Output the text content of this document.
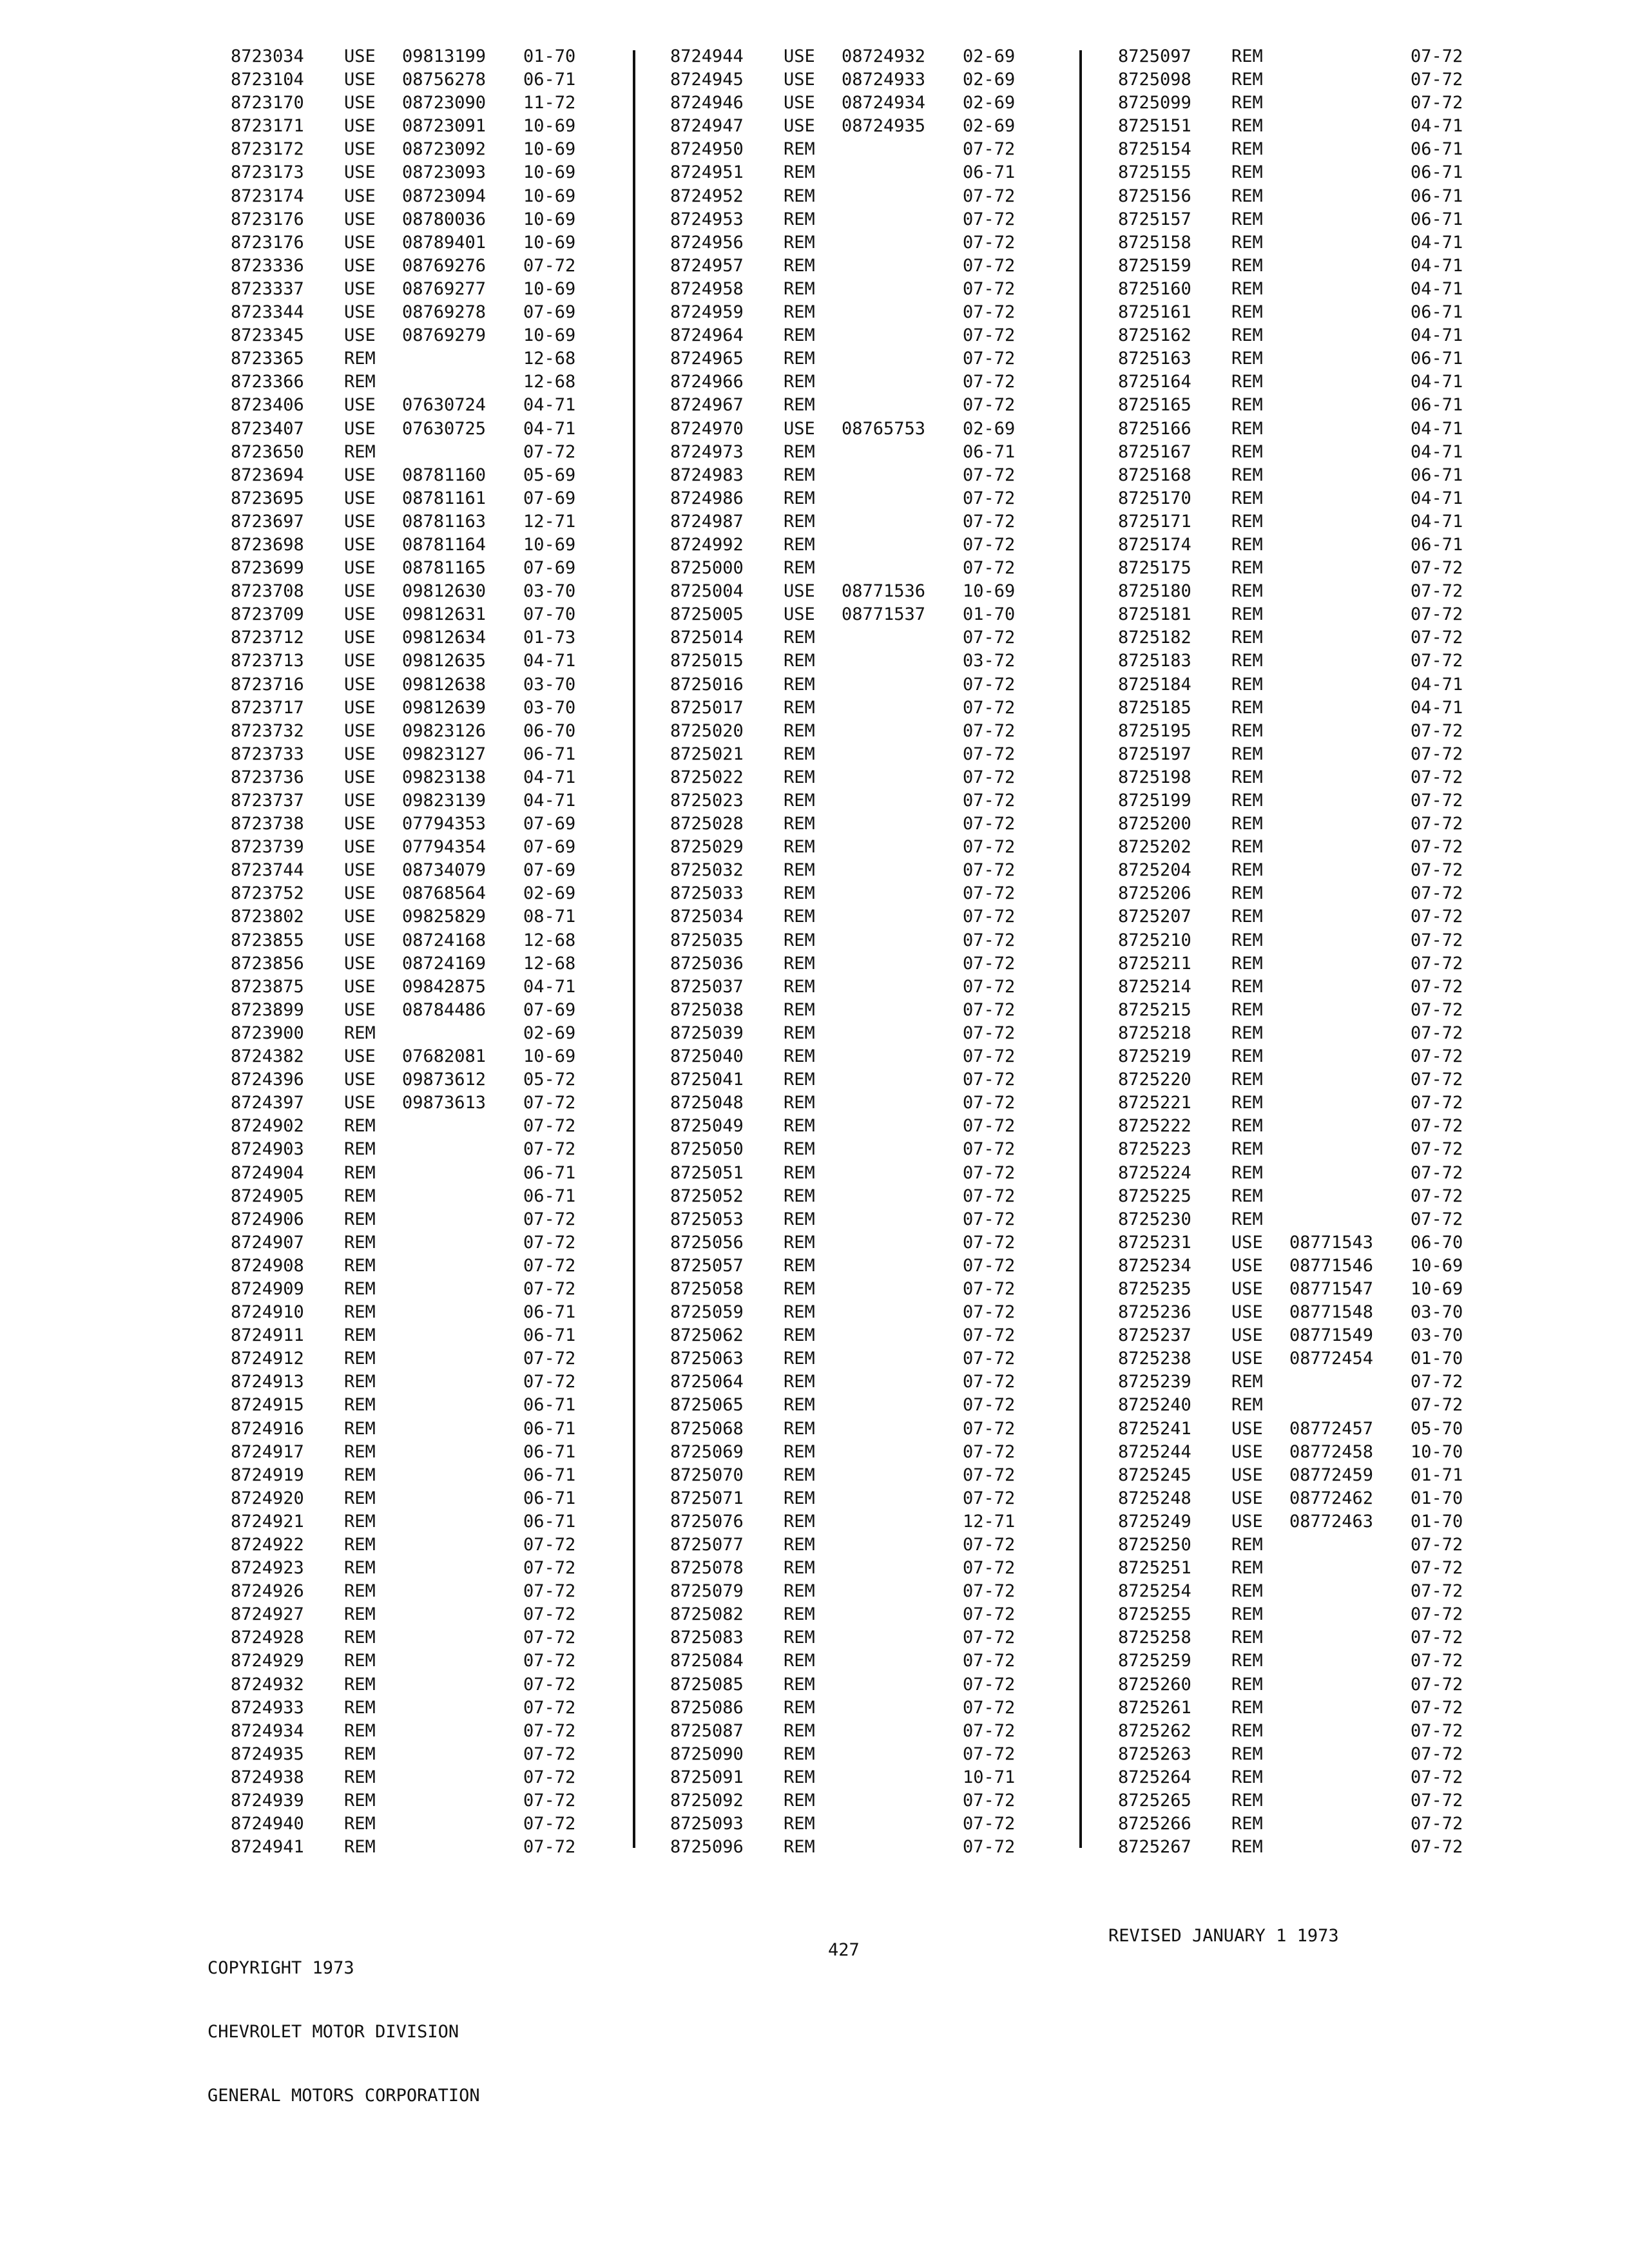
8723034 USE 09813199 01-70
8723104 USE 08756278 06-71
8723170 USE 08723090 11-72
8723171 USE 08723091 10-69
8723172 USE 08723092 10-69
8723173 USE 08723093 10-69
8723174 USE 08723094 10-69
8723176 USE 08780036 10-69
8723176 USE 08789401 10-69
8723336 USE 08769276 07-72
8723337 USE 08769277 10-69
8723344 USE 08769278 07-69
8723345 USE 08769279 10-69
8723365 REM	12-68
8723366 REM	12-68
8723406 USE 07630724 04-71
8723407 USE 07630725 04-71
8723650 REM	07-72
8723694 USE 08781160 05-69
8723695 USE 08781161 07-69
8723697 USE 08781163 12-71
8723698 USE 08781164 10-69
8723699 USE 08781165 07-69
8723708 USE 09812630 03-70
8723709 USE 09812631 07-70
8723712 USE 09812634 01-73
8723713 USE 09812635 04-71
8723716 USE 09812638 03-70
8723717 USE 09812639 03-70
8723732 USE 09823126 06-70
8723733 USE 09823127 06-71
8723736 USE 09823138 04-71
8723737 USE 09823139 04-71
8723738 USE 07794353 07-69
8723739 USE 07794354 07-69
8723744 USE 08734079 07-69
8723752 USE 08768564 02-69
8723802 USE 09825829 08-71
8723855 USE 08724168 12-68
8723856 USE 08724169 12-68
8723875 USE 09842875 04-71
8723899 USE 08784486 07-69
8723900 REM	02-69
8724382 USE 07682081 10-69
8724396 USE 09873612 05-72
8724397 USE 09873613 07-72
8724902 REM	07-72
8724903 REM	07-72
8724904 REM	06-71
8724905 REM	06-71
8724906 REM	07-72
8724907 REM	07-72
8724908 REM	07-72
8724909 REM	07-72
8724910 REM	06-71
8724911 REM	06-71
8724912 REM	07-72
8724913 REM	07-72
8724915 REM	06-71
8724916 REM	06-71
8724917 REM	06-71
8724919 REM	06-71
8724920 REM	06-71
8724921 REM	06-71
8724922 REM	07-72
8724923 REM	07-72
8724926 REM	07-72
8724927 REM	07-72
8724928 REM	07-72
8724929 REM	07-72
8724932 REM	07-72
8724933 REM	07-72
8724934 REM	07-72
8724935 REM	07-72
8724938 REM	07-72
8724939 REM	07-72
8724940 REM	07-72
8724941 REM	07-72
8724944 USE 08724932 02-69
8724945 USE 08724933 02-69
8724946 USE 08724934 02-69
8724947 USE 08724935 02-69
8724950 REM	07-72
8724951 REM	06-71
8724952 REM	07-72
8724953 REM	07-72
8724956 REM	07-72
8724957 REM	07-72
8724958 REM	07-72
8724959 REM	07-72
8724964 REM	07-72
8724965 REM	07-72
8724966 REM	07-72
8724967 REM	07-72
8724970 USE 08765753 02-69
8724973 REM	06-71
8724983 REM	07-72
8724986 REM	07-72
8724987 REM	07-72
8724992 REM	07-72
8725000 REM	07-72
8725004 USE 08771536 10-69
8725005 USE 08771537 01-70
8725014 REM	07-72
8725015 REM	03-72
8725016 REM	07-72
8725017 REM	07-72
8725020 REM	07-72
8725021 REM	07-72
8725022 REM	07-72
8725023 REM	07-72
8725028 REM	07-72
8725029 REM	07-72
8725032 REM	07-72
8725033 REM	07-72
8725034 REM	07-72
8725035 REM	07-72
8725036 REM	07-72
8725037 REM	07-72
8725038 REM	07-72
8725039 REM	07-72
8725040 REM	07-72
8725041 REM	07-72
8725048 REM	07-72
8725049 REM	07-72
8725050 REM	07-72
8725051 REM	07-72
8725052 REM	07-72
8725053 REM	07-72
8725056 REM	07-72
8725057 REM	07-72
8725058 REM	07-72
8725059 REM	07-72
8725062 REM	07-72
8725063 REM	07-72
8725064 REM	07-72
8725065 REM	07-72
8725068 REM	07-72
8725069 REM	07-72
8725070 REM	07-72
8725071 REM	07-72
8725076 REM	12-71
8725077 REM	07-72
8725078 REM	07-72
8725079 REM	07-72
8725082 REM	07-72
8725083 REM	07-72
8725084 REM	07-72
8725085 REM	07-72
8725086 REM	07-72
8725087 REM	07-72
8725090 REM	07-72
8725091 REM	10-71
8725092 REM	07-72
8725093 REM	07-72
8725096 REM	07-72
8725097 REM	07-72
8725098 REM	07-72
8725099 REM	07-72
8725151 REM	04-71
8725154 REM	06-71
8725155 REM	06-71
8725156 REM	06-71
8725157 REM	06-71
8725158 REM	04-71
8725159 REM	04-71
8725160 REM	04-71
8725161 REM	06-71
8725162 REM	04-71
8725163 REM	06-71
8725164 REM	04-71
8725165 REM	06-71
8725166 REM	04-71
8725167 REM	04-71
8725168 REM	06-71
8725170 REM	04-71
8725171 REM	04-71
8725174 REM	06-71
8725175 REM	07-72
8725180 REM	07-72
8725181 REM	07-72
8725182 REM	07-72
8725183 REM	07-72
8725184 REM	04-71
8725185 REM	04-71
8725195 REM	07-72
8725197 REM	07-72
8725198 REM	07-72
8725199 REM	07-72
8725200 REM	07-72
8725202 REM	07-72
8725204 REM	07-72
8725206 REM	07-72
8725207 REM	07-72
8725210 REM	07-72
8725211 REM	07-72
8725214 REM	07-72
8725215 REM	07-72
8725218 REM	07-72
8725219 REM	07-72
8725220 REM	07-72
8725221 REM	07-72
8725222 REM	07-72
8725223 REM	07-72
8725224 REM	07-72
8725225 REM	07-72
8725230 REM	07-72
8725231 USE 08771543 06-70
8725234 USE 08771546 10-69
8725235 USE 08771547 10-69
8725236 USE 08771548 03-70
8725237 USE 08771549 03-70
8725238 USE 08772454 01-70
8725239 REM	07-72
8725240 REM	07-72
8725241 USE 08772457 05-70
8725244 USE 08772458 10-70
8725245 USE 08772459 01-71
8725248 USE 08772462 01-70
8725249 USE 08772463 01-70
8725250 REM	07-72
8725251 REM	07-72
8725254 REM	07-72
8725255 REM	07-72
8725258 REM	07-72
8725259 REM	07-72
8725260 REM	07-72
8725261 REM	07-72
8725262 REM	07-72
8725263 REM	07-72
8725264 REM	07-72
8725265 REM	07-72
8725266 REM	07-72
8725267 REM	07-72

COPYRIGHT 1973

CHEVROLET MOTOR DIVISION

GENERAL MOTORS CORPORATION

427
REVISED JANUARY 1 1973
